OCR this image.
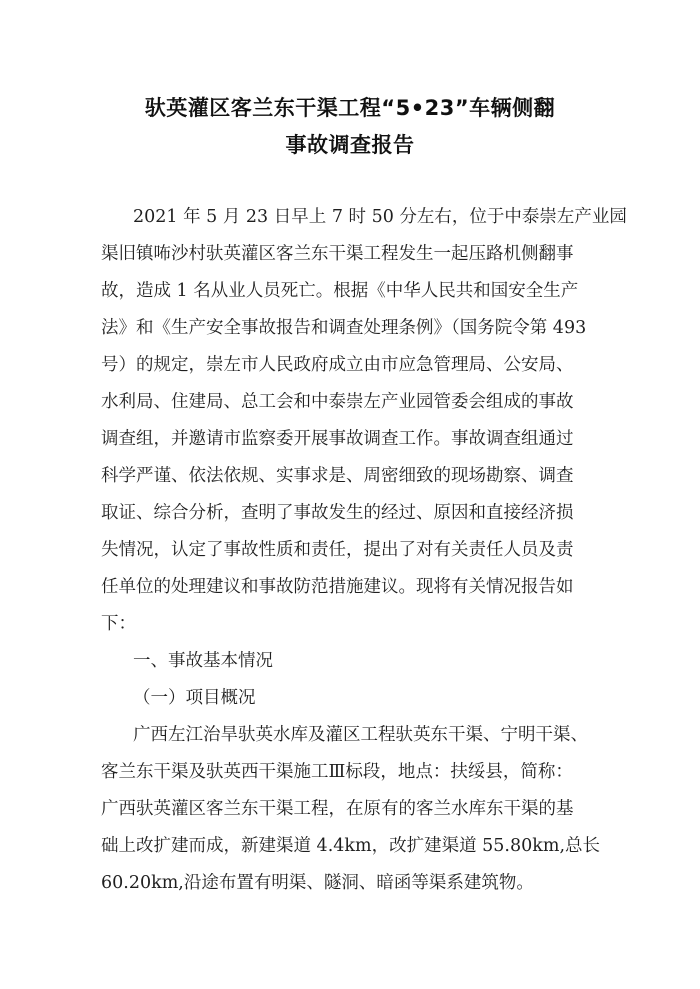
驮英灌区客兰东干渠工程“5•23”车辆侧翻
事故调查报告
2021 年 5 月 23 日早上 7 时 50 分左右，位于中泰崇左产业园
渠旧镇咘沙村驮英灌区客兰东干渠工程发生一起压路机侧翻事
故，造成 1 名从业人员死亡。根据《中华人民共和国安全生产
法》和《生产安全事故报告和调查处理条例》（国务院令第 493
号）的规定，崇左市人民政府成立由市应急管理局、公安局、
水利局、住建局、总工会和中泰崇左产业园管委会组成的事故
调查组，并邀请市监察委开展事故调查工作。事故调查组通过
科学严谨、依法依规、实事求是、周密细致的现场勘察、调查
取证、综合分析，查明了事故发生的经过、原因和直接经济损
失情况，认定了事故性质和责任，提出了对有关责任人员及责
任单位的处理建议和事故防范措施建议。现将有关情况报告如
下：
一、事故基本情况
（一）项目概况
广西左江治旱驮英水库及灌区工程驮英东干渠、宁明干渠、
客兰东干渠及驮英西干渠施工Ⅲ标段，地点：扶绥县，简称：
广西驮英灌区客兰东干渠工程，在原有的客兰水库东干渠的基
础上改扩建而成，新建渠道 4.4km，改扩建渠道 55.80km,总长
60.20km,沿途布置有明渠、隧洞、暗函等渠系建筑物。
